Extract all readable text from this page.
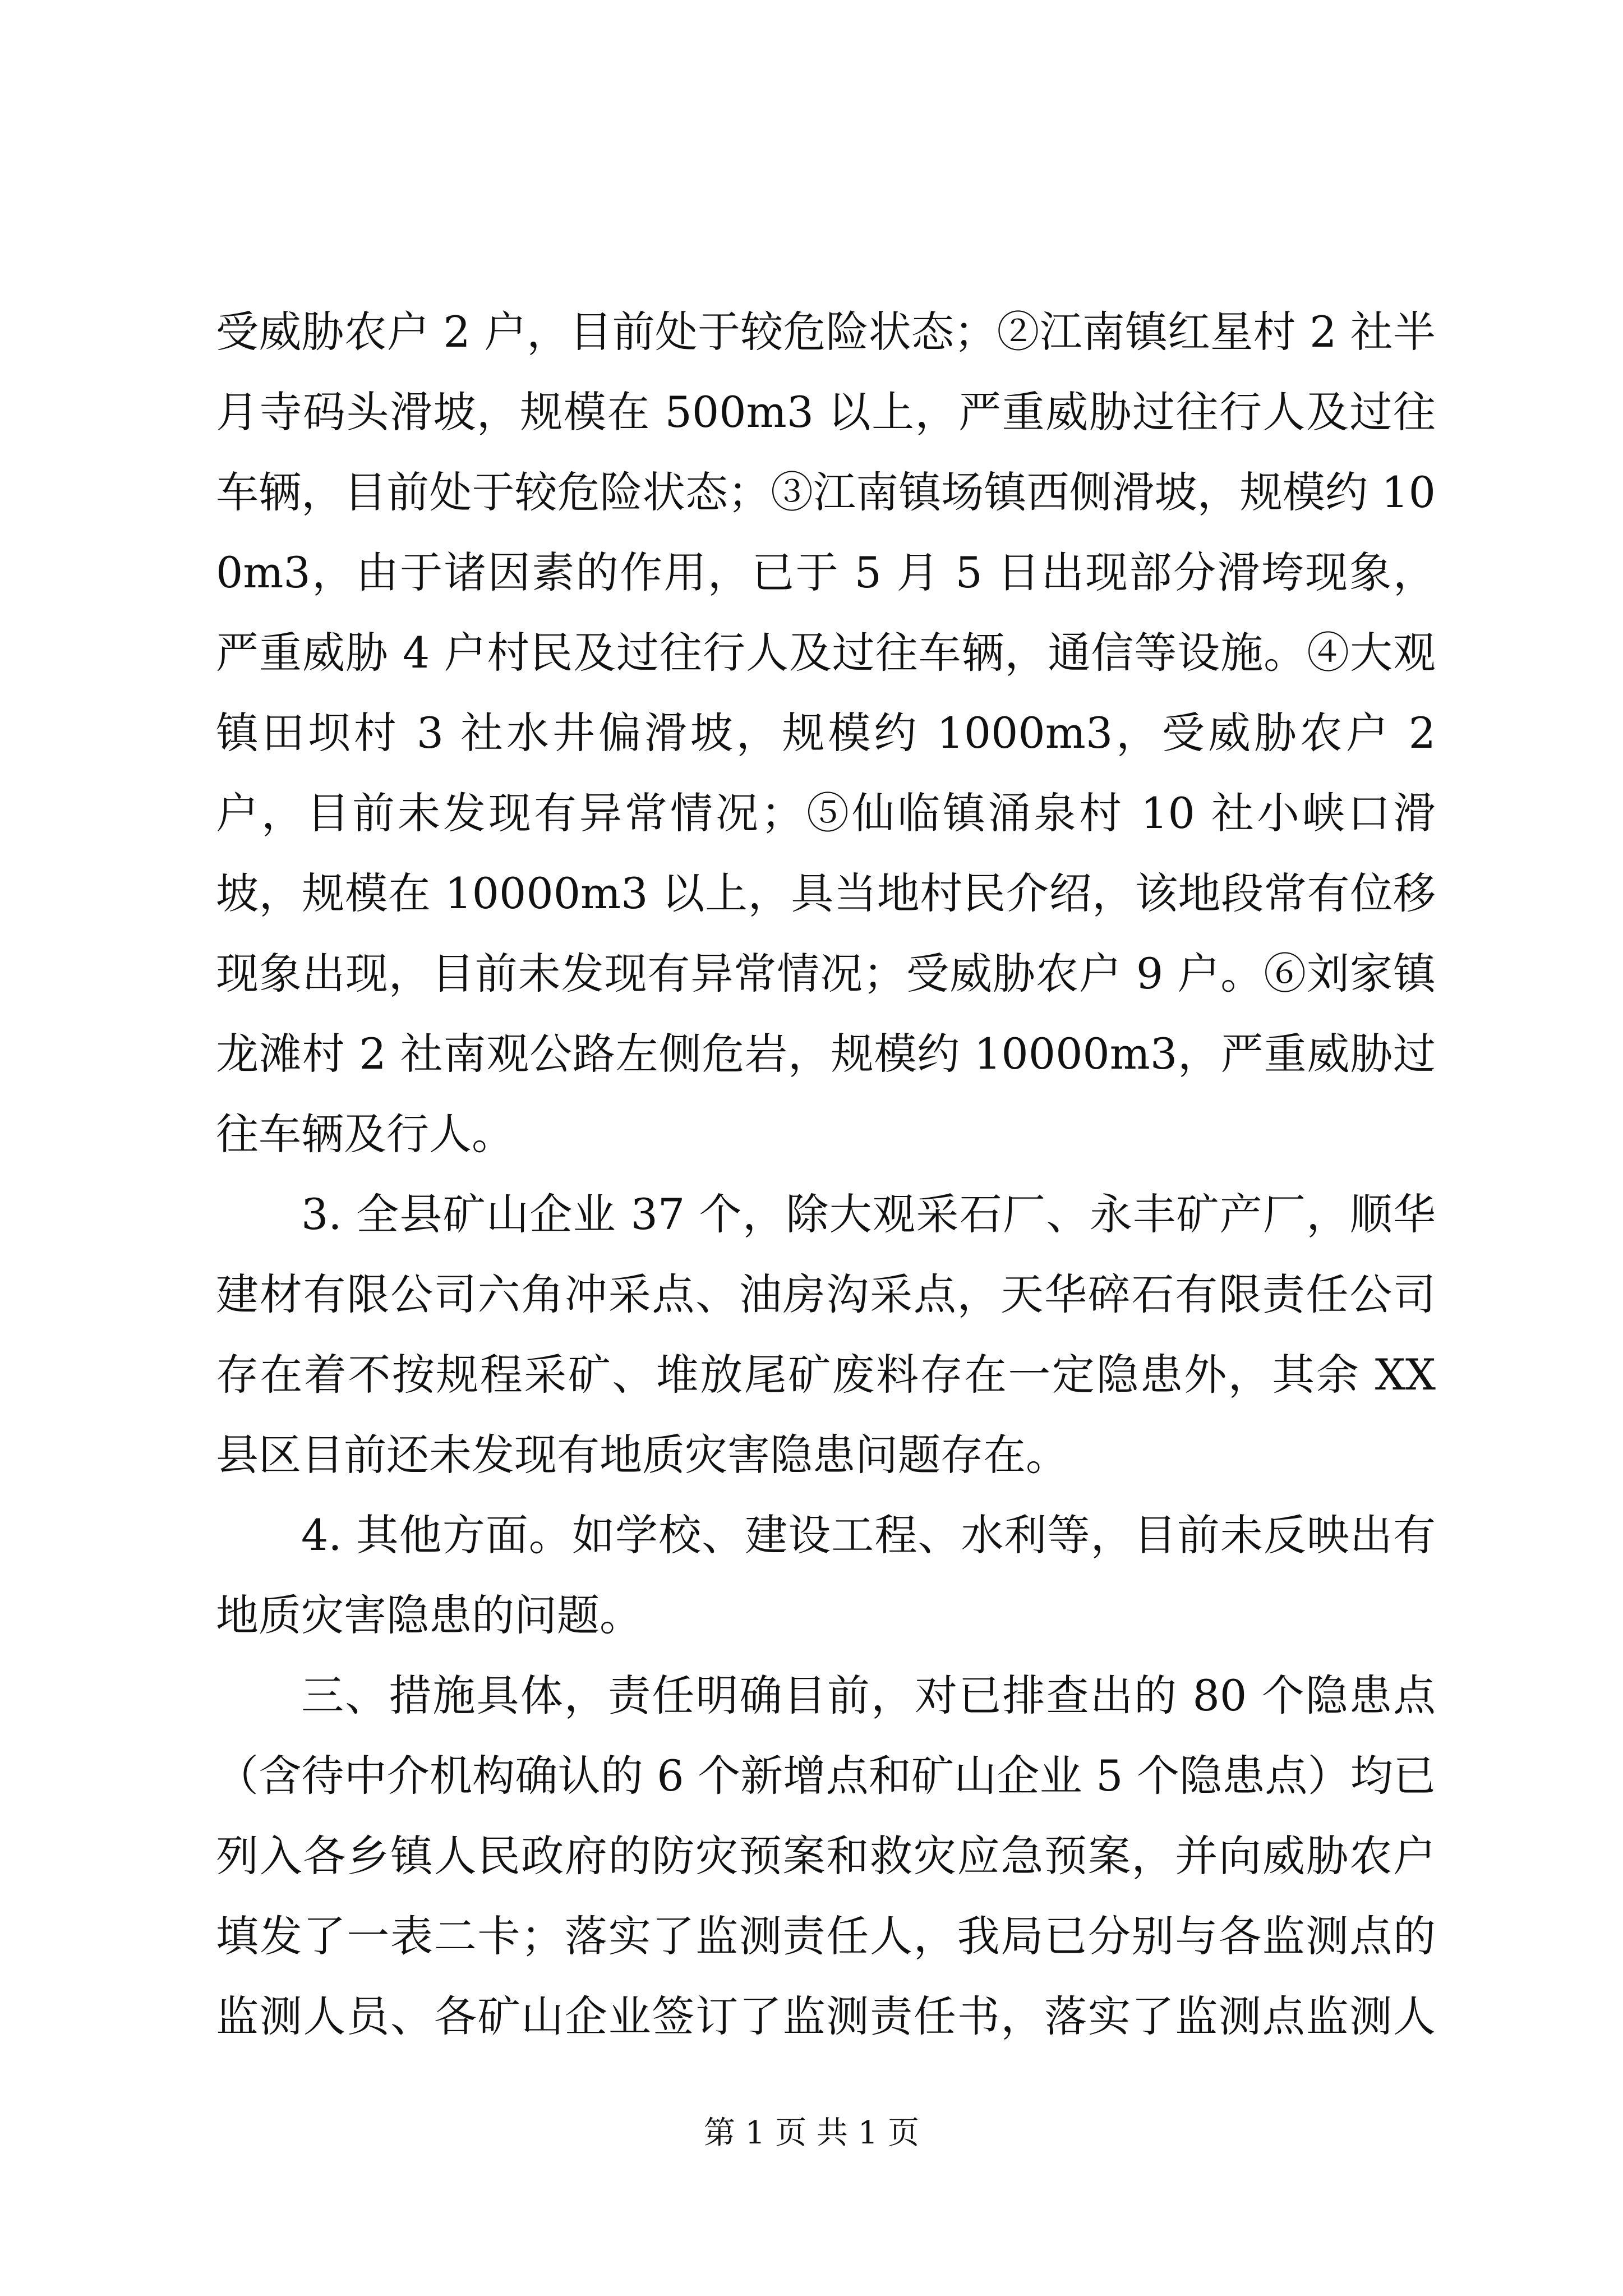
受威胁农户 2 户，目前处于较危险状态；②江南镇红星村 2 社半月寺码头滑坡，规模在 500m3 以上，严重威胁过往行人及过往车辆，目前处于较危险状态；③江南镇场镇西侧滑坡，规模约 100m3，由于诸因素的作用，已于 5 月 5 日出现部分滑垮现象，严重威胁 4 户村民及过往行人及过往车辆，通信等设施。④大观镇田坝村 3 社水井偏滑坡，规模约 1000m3，受威胁农户 2 户，目前未发现有异常情况；⑤仙临镇涌泉村 10 社小峡口滑坡，规模在 10000m3 以上，具当地村民介绍，该地段常有位移现象出现，目前未发现有异常情况；受威胁农户 9 户。⑥刘家镇龙滩村 2 社南观公路左侧危岩，规模约 10000m3，严重威胁过往车辆及行人。

3. 全县矿山企业 37 个，除大观采石厂、永丰矿产厂，顺华建材有限公司六角冲采点、油房沟采点，天华碎石有限责任公司存在着不按规程采矿、堆放尾矿废料存在一定隐患外，其余 XX 县区目前还未发现有地质灾害隐患问题存在。

4. 其他方面。如学校、建设工程、水利等，目前未反映出有地质灾害隐患的问题。

三、措施具体，责任明确目前，对已排查出的 80 个隐患点（含待中介机构确认的 6 个新增点和矿山企业 5 个隐患点）均已列入各乡镇人民政府的防灾预案和救灾应急预案，并向威胁农户填发了一表二卡；落实了监测责任人，我局已分别与各监测点的监测人员、各矿山企业签订了监测责任书，落实了监测点监测人

第 1 页 共 1 页
